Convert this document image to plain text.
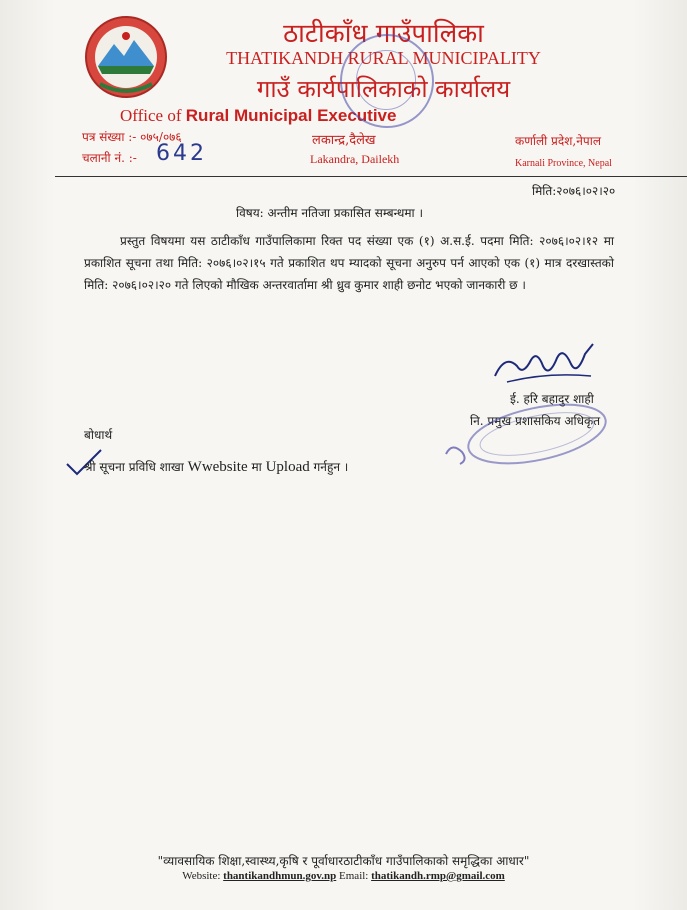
ठाटीकाँध गाउँपालिका
THATIKANDH RURAL MUNICIPALITY
गाउँ कार्यपालिकाको कार्यालय
Office of Rural Municipal Executive
पत्र संख्या :- ०७५/०७६
चलानी नं. :- 642
लकान्द्र,दैलेख
Lakandra, Dailekh
कर्णाली प्रदेश,नेपाल
Karnali Province, Nepal
मिति:२०७६।०२।२०
विषय: अन्तीम नतिजा प्रकासित सम्बन्धमा ।
प्रस्तुत विषयमा यस ठाटीकाँध गाउँपालिकामा रिक्त पद संख्या एक (१) अ.स.ई. पदमा मिति: २०७६।०२।१२ मा प्रकाशित सूचना तथा मिति: २०७६।०२।१५ गते प्रकाशित थप म्यादको सूचना अनुरुप पर्न आएको एक (१) मात्र दरखास्तको मिति: २०७६।०२।२० गते लिएको मौखिक अन्तरवार्तामा श्री ध्रुव कुमार शाही छनोट भएको जानकारी छ ।
ई. हरि बहादुर शाही
नि. प्रमुख प्रशासकिय अधिकृत
बोधार्थ
श्री सूचना प्रविधि शाखा Wwebsite मा Upload गर्नहुन ।
"व्यावसायिक शिक्षा,स्वास्थ्य,कृषि र पूर्वाधारठाटीकाँध गाउँपालिकाको समृद्धिका आधार"
Website: thantikandhmun.gov.np Email: thatikandh.rmp@gmail.com
